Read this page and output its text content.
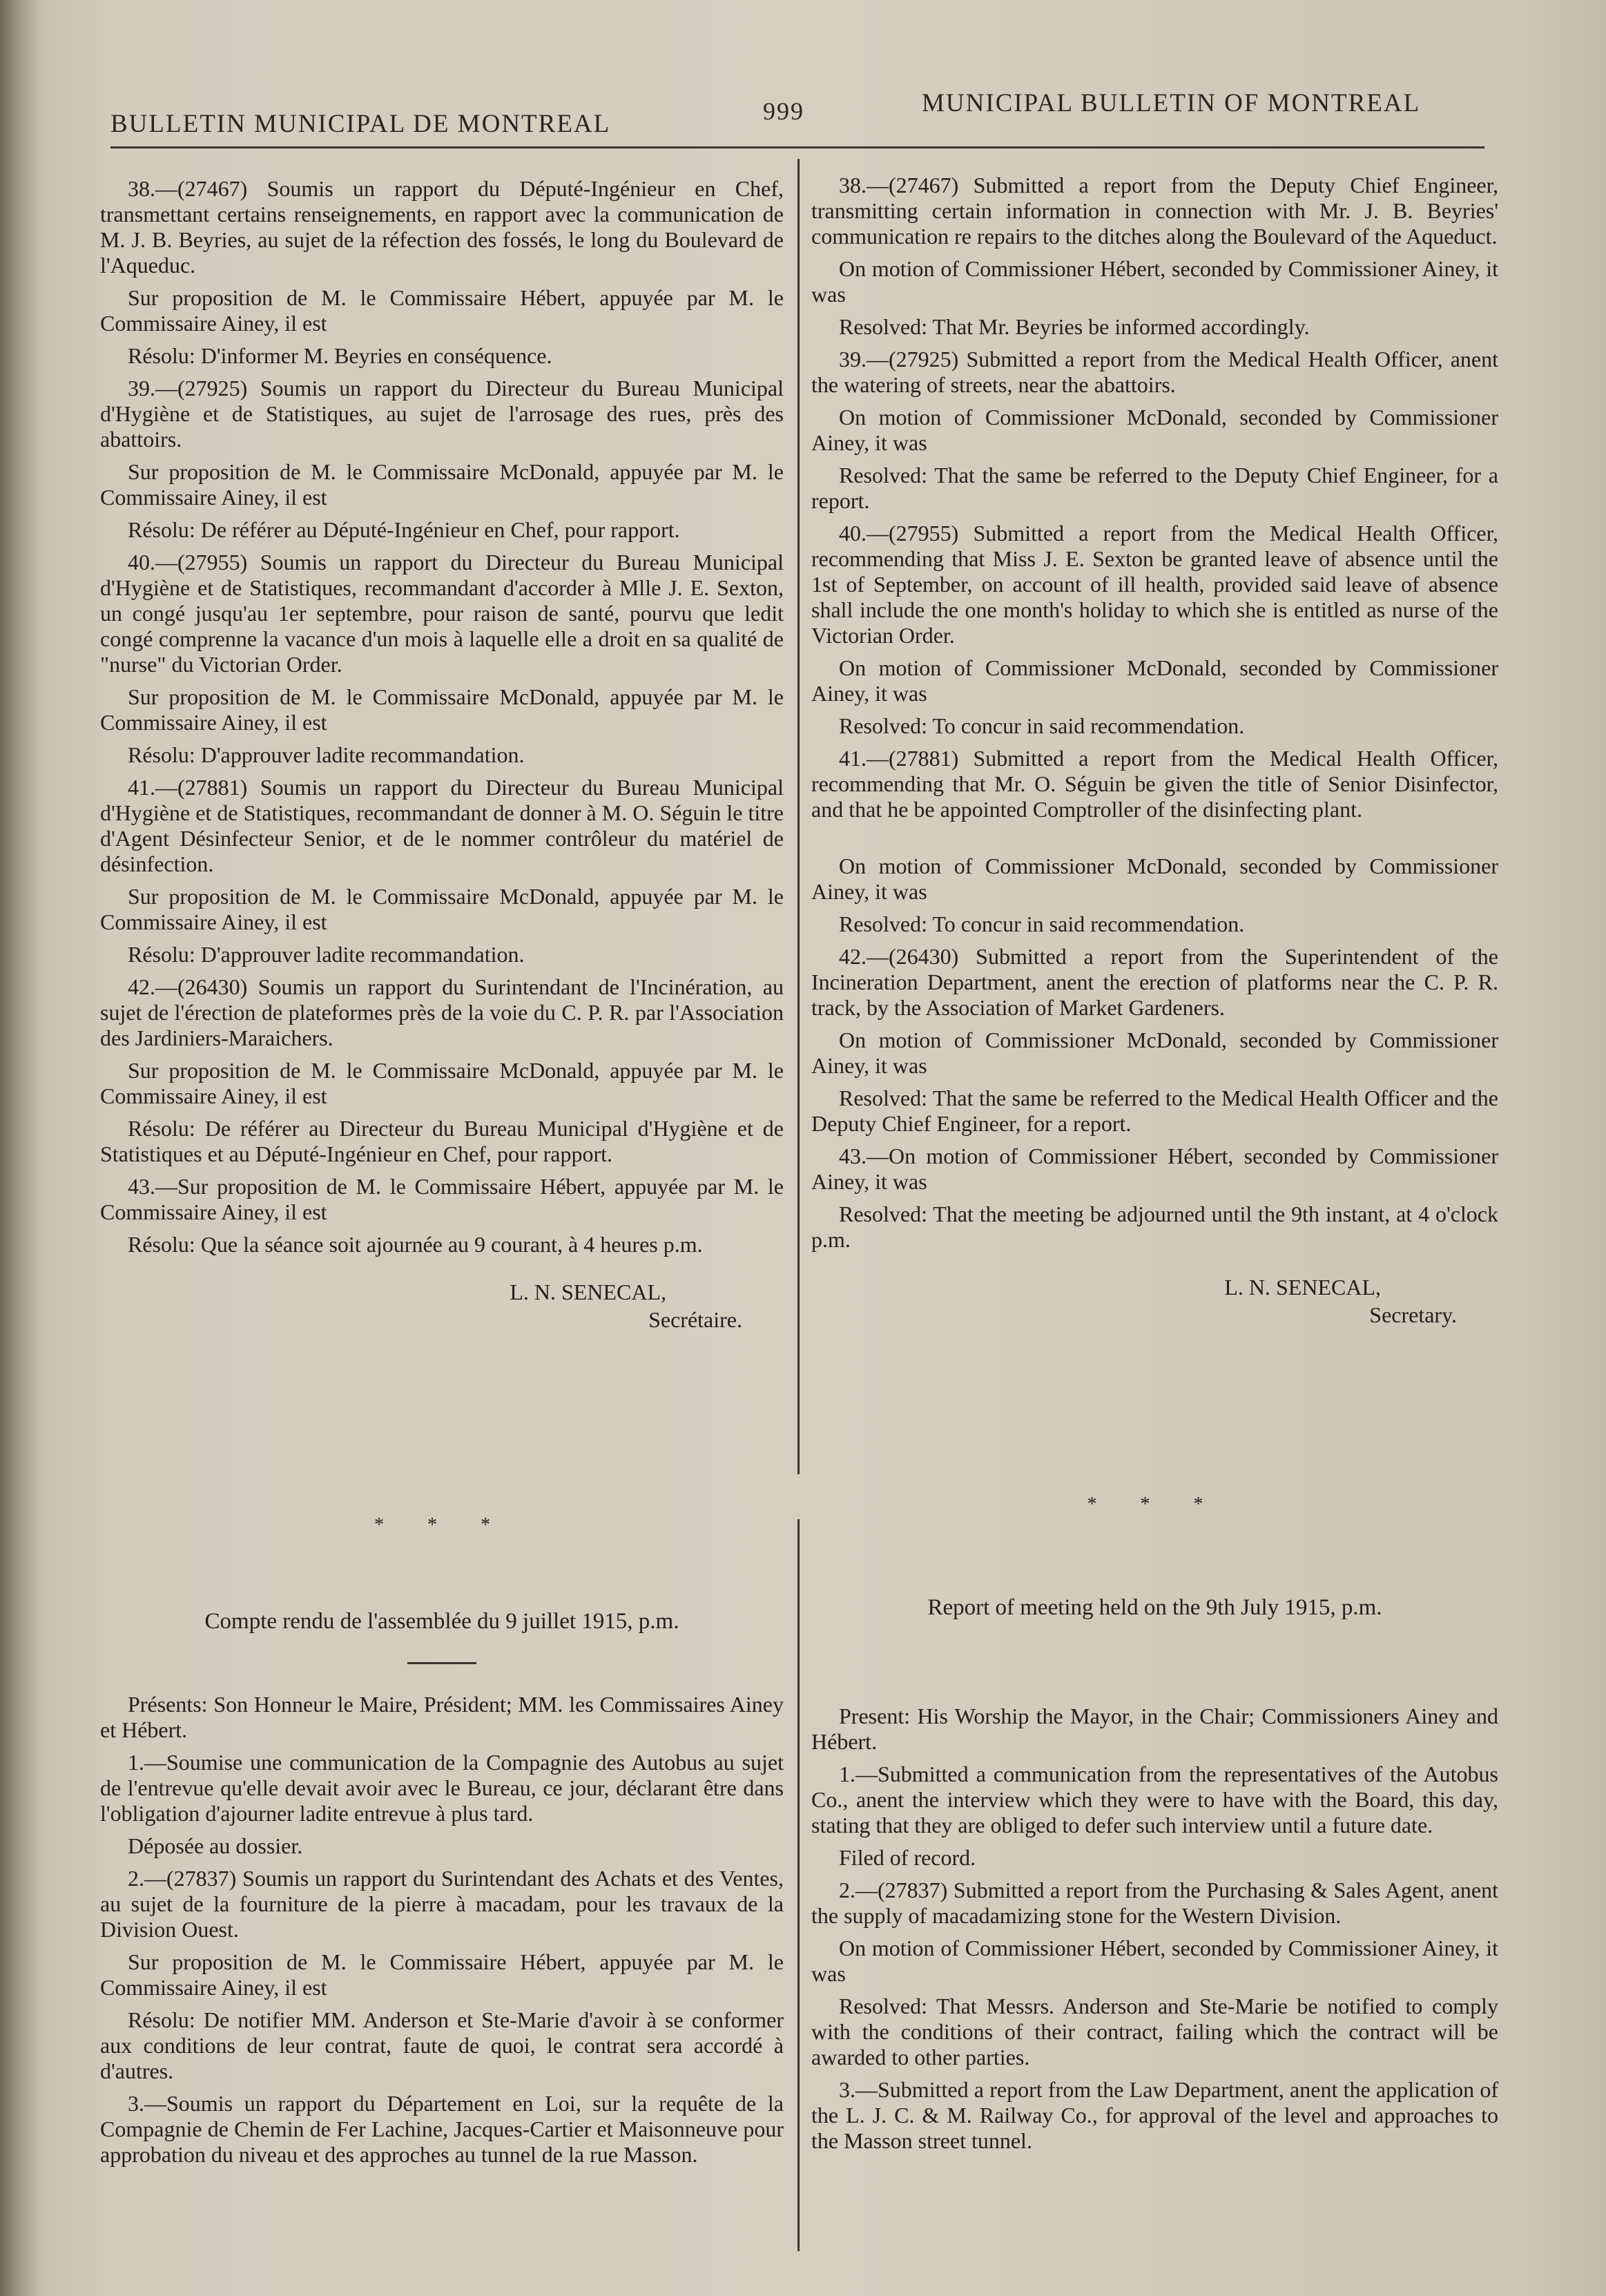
BULLETIN MUNICIPAL DE MONTREAL	999	MUNICIPAL BULLETIN OF MONTREAL

38.—(27467) Soumis un rapport du Député-Ingénieur en Chef, transmettant certains renseignements, en rapport avec la communication de M. J. B. Beyries, au sujet de la réfection des fossés, le long du Boulevard de l'Aqueduc.

Sur proposition de M. le Commissaire Hébert, appuyée par M. le Commissaire Ainey, il est

Résolu: D'informer M. Beyries en conséquence.

39.—(27925) Soumis un rapport du Directeur du Bureau Municipal d'Hygiène et de Statistiques, au sujet de l'arrosage des rues, près des abattoirs.

Sur proposition de M. le Commissaire McDonald, appuyée par M. le Commissaire Ainey, il est

Résolu: De référer au Député-Ingénieur en Chef, pour rapport.

40.—(27955) Soumis un rapport du Directeur du Bureau Municipal d'Hygiène et de Statistiques, recommandant d'accorder à Mlle J. E. Sexton, un congé jusqu'au 1er septembre, pour raison de santé, pourvu que ledit congé comprenne la vacance d'un mois à laquelle elle a droit en sa qualité de "nurse" du Victorian Order.

Sur proposition de M. le Commissaire McDonald, appuyée par M. le Commissaire Ainey, il est

Résolu: D'approuver ladite recommandation.

41.—(27881) Soumis un rapport du Directeur du Bureau Municipal d'Hygiène et de Statistiques, recommandant de donner à M. O. Séguin le titre d'Agent Désinfecteur Senior, et de le nommer contrôleur du matériel de désinfection.

Sur proposition de M. le Commissaire McDonald, appuyée par M. le Commissaire Ainey, il est

Résolu: D'approuver ladite recommandation.

42.—(26430) Soumis un rapport du Surintendant de l'Incinération, au sujet de l'érection de plateformes près de la voie du C. P. R. par l'Association des Jardiniers-Maraichers.

Sur proposition de M. le Commissaire McDonald, appuyée par M. le Commissaire Ainey, il est

Résolu: De référer au Directeur du Bureau Municipal d'Hygiène et de Statistiques et au Député-Ingénieur en Chef, pour rapport.

43.—Sur proposition de M. le Commissaire Hébert, appuyée par M. le Commissaire Ainey, il est

Résolu: Que la séance soit ajournée au 9 courant, à 4 heures p.m.

L. N. SENECAL,
Secrétaire.
* * *
Compte rendu de l'assemblée du 9 juillet 1915, p.m.

Présents: Son Honneur le Maire, Président; MM. les Commissaires Ainey et Hébert.

1.—Soumise une communication de la Compagnie des Autobus au sujet de l'entrevue qu'elle devait avoir avec le Bureau, ce jour, déclarant être dans l'obligation d'ajourner ladite entrevue à plus tard.

Déposée au dossier.

2.—(27837) Soumis un rapport du Surintendant des Achats et des Ventes, au sujet de la fourniture de la pierre à macadam, pour les travaux de la Division Ouest.

Sur proposition de M. le Commissaire Hébert, appuyée par M. le Commissaire Ainey, il est

Résolu: De notifier MM. Anderson et Ste-Marie d'avoir à se conformer aux conditions de leur contrat, faute de quoi, le contrat sera accordé à d'autres.

3.—Soumis un rapport du Département en Loi, sur la requête de la Compagnie de Chemin de Fer Lachine, Jacques-Cartier et Maisonneuve pour approbation du niveau et des approches au tunnel de la rue Masson.

38.—(27467) Submitted a report from the Deputy Chief Engineer, transmitting certain information in connection with Mr. J. B. Beyries' communication re repairs to the ditches along the Boulevard of the Aqueduct.

On motion of Commissioner Hébert, seconded by Commissioner Ainey, it was

Resolved: That Mr. Beyries be informed accordingly.

39.—(27925) Submitted a report from the Medical Health Officer, anent the watering of streets, near the abattoirs.

On motion of Commissioner McDonald, seconded by Commissioner Ainey, it was

Resolved: That the same be referred to the Deputy Chief Engineer, for a report.

40.—(27955) Submitted a report from the Medical Health Officer, recommending that Miss J. E. Sexton be granted leave of absence until the 1st of September, on account of ill health, provided said leave of absence shall include the one month's holiday to which she is entitled as nurse of the Victorian Order.

On motion of Commissioner McDonald, seconded by Commissioner Ainey, it was

Resolved: To concur in said recommendation.

41.—(27881) Submitted a report from the Medical Health Officer, recommending that Mr. O. Séguin be given the title of Senior Disinfector, and that he be appointed Comptroller of the disinfecting plant.

On motion of Commissioner McDonald, seconded by Commissioner Ainey, it was

Resolved: To concur in said recommendation.

42.—(26430) Submitted a report from the Superintendent of the Incineration Department, anent the erection of platforms near the C. P. R. track, by the Association of Market Gardeners.

On motion of Commissioner McDonald, seconded by Commissioner Ainey, it was

Resolved: That the same be referred to the Medical Health Officer and the Deputy Chief Engineer, for a report.

43.—On motion of Commissioner Hébert, seconded by Commissioner Ainey, it was

Resolved: That the meeting be adjourned until the 9th instant, at 4 o'clock p.m.

L. N. SENECAL,
Secretary.
* * *
Report of meeting held on the 9th July 1915, p.m.

Present: His Worship the Mayor, in the Chair; Commissioners Ainey and Hébert.

1.—Submitted a communication from the representatives of the Autobus Co., anent the interview which they were to have with the Board, this day, stating that they are obliged to defer such interview until a future date.

Filed of record.

2.—(27837) Submitted a report from the Purchasing & Sales Agent, anent the supply of macadamizing stone for the Western Division.

On motion of Commissioner Hébert, seconded by Commissioner Ainey, it was

Resolved: That Messrs. Anderson and Ste-Marie be notified to comply with the conditions of their contract, failing which the contract will be awarded to other parties.

3.—Submitted a report from the Law Department, anent the application of the L. J. C. & M. Railway Co., for approval of the level and approaches to the Masson street tunnel.
